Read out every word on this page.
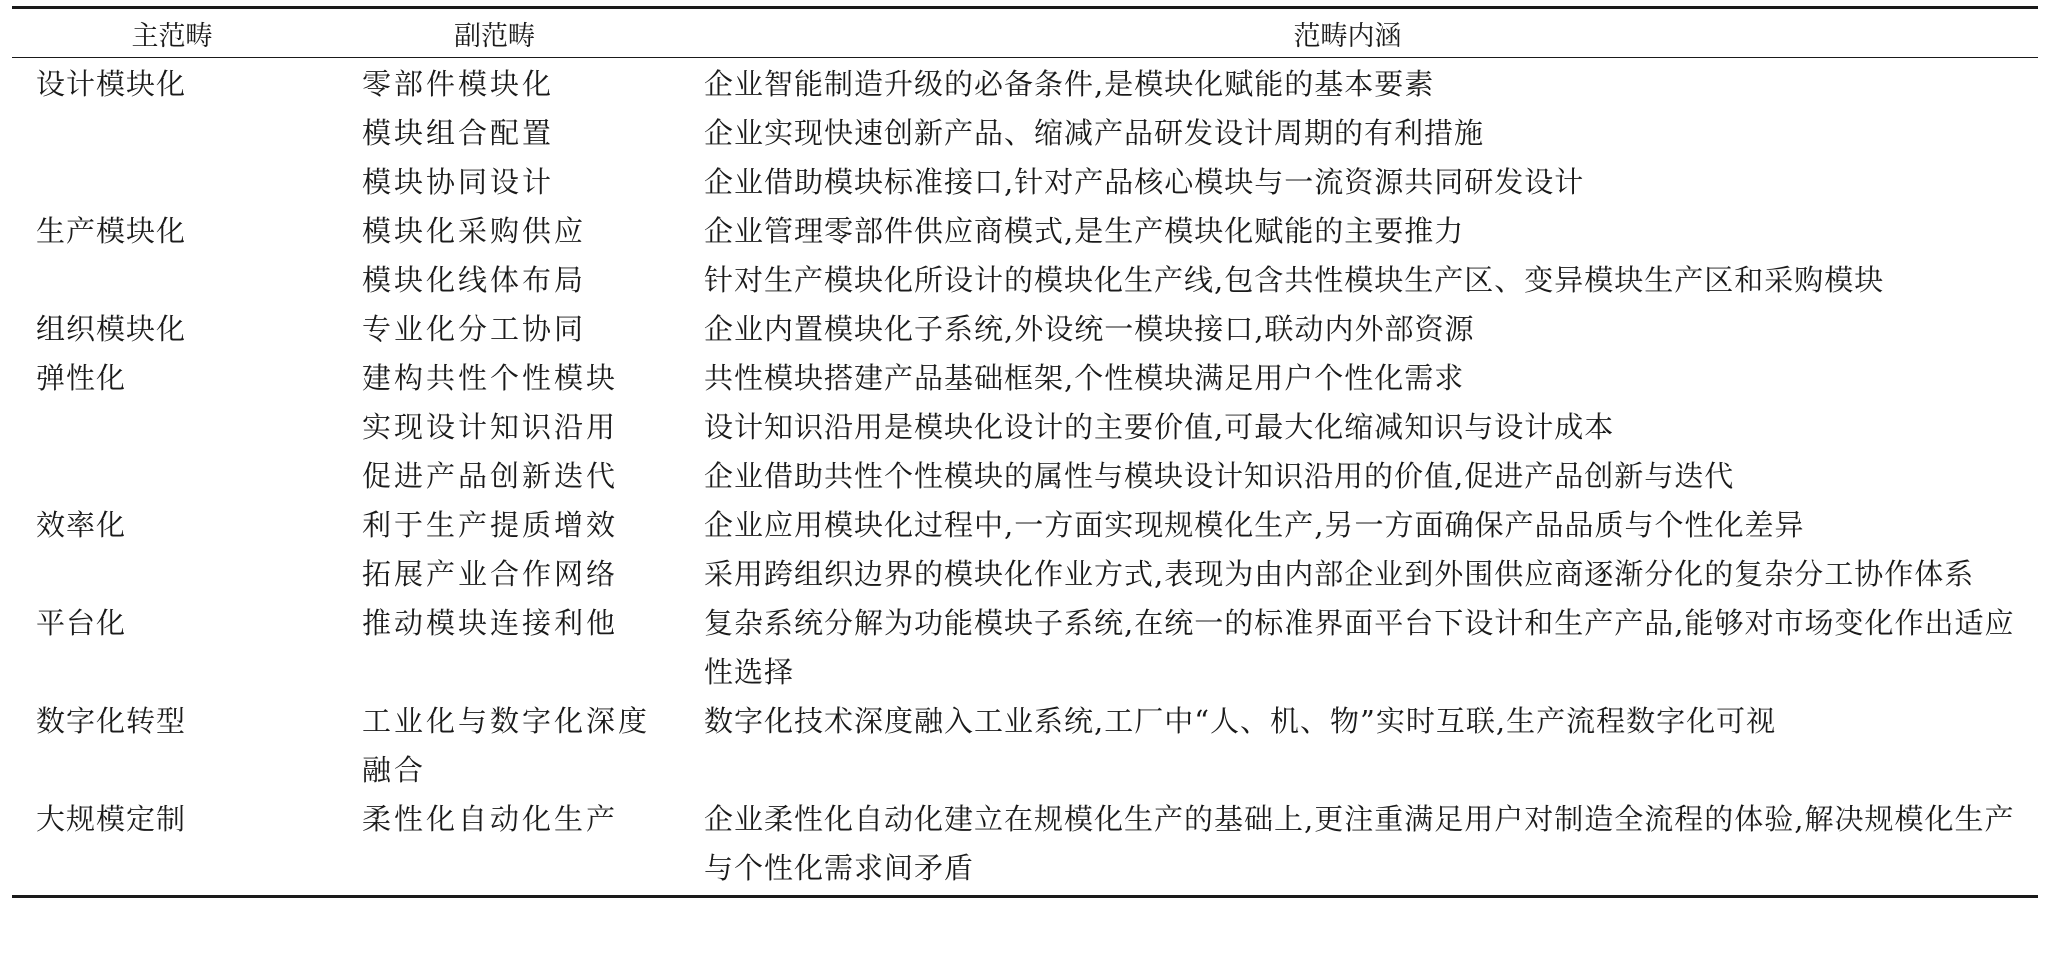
主范畴	副范畴	范畴内涵
设计模块化	零部件模块化	企业智能制造升级的必备条件,是模块化赋能的基本要素

	模块组合配置	企业实现快速创新产品、缩减产品研发设计周期的有利措施

	模块协同设计	企业借助模块标准接口,针对产品核心模块与一流资源共同研发设计

生产模块化	模块化采购供应	企业管理零部件供应商模式,是生产模块化赋能的主要推力

	模块化线体布局	针对生产模块化所设计的模块化生产线,包含共性模块生产区、变异模块生产区和采购模块

组织模块化	专业化分工协同	企业内置模块化子系统,外设统一模块接口,联动内外部资源

弹性化	建构共性个性模块	共性模块搭建产品基础框架,个性模块满足用户个性化需求

	实现设计知识沿用	设计知识沿用是模块化设计的主要价值,可最大化缩减知识与设计成本

	促进产品创新迭代	企业借助共性个性模块的属性与模块设计知识沿用的价值,促进产品创新与迭代

效率化	利于生产提质增效	企业应用模块化过程中,一方面实现规模化生产,另一方面确保产品品质与个性化差异

	拓展产业合作网络	采用跨组织边界的模块化作业方式,表现为由内部企业到外围供应商逐渐分化的复杂分工协作体系

平台化	推动模块连接利他	复杂系统分解为功能模块子系统,在统一的标准界面平台下设计和生产产品,能够对市场变化作出适应性选择

数字化转型	工业化与数字化深度融合	数字化技术深度融入工业系统,工厂中“人、机、物”实时互联,生产流程数字化可视

大规模定制	柔性化自动化生产	企业柔性化自动化建立在规模化生产的基础上,更注重满足用户对制造全流程的体验,解决规模化生产与个性化需求间矛盾
